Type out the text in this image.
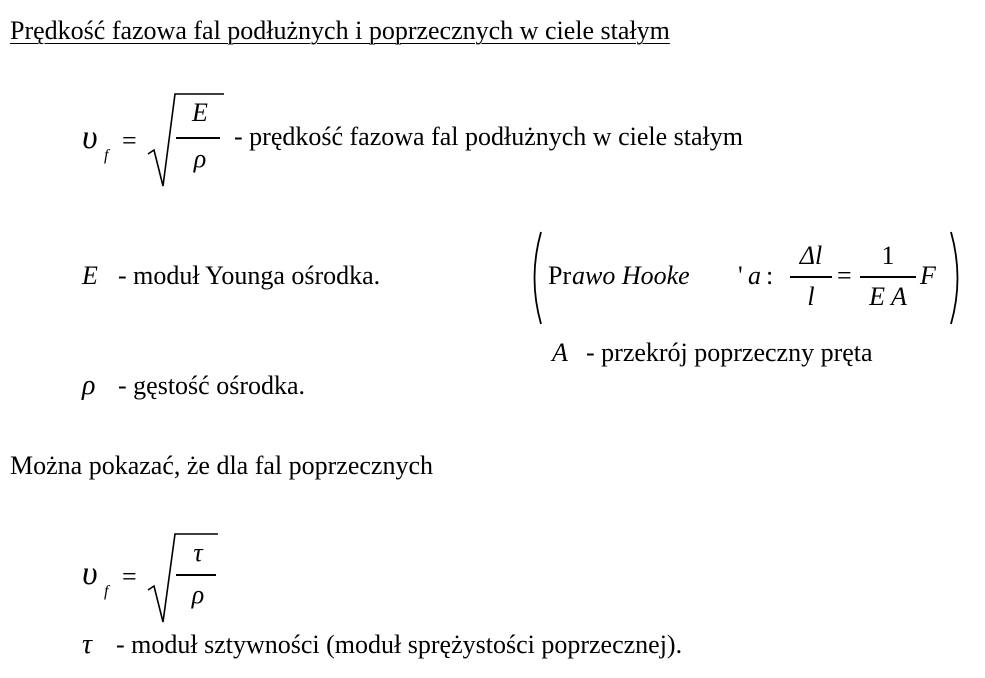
Prędkość fazowa fal podłużnych i poprzecznych w ciele stałym
υ f
=
E
ρ
- prędkość fazowa fal podłużnych w ciele stałym
E - moduł Younga ośrodka.	Pr awo Hooke ' a :
Δl
l
=
1
E A
F
A - przekrój poprzeczny pręta
ρ - gęstość ośrodka.
Można pokazać, że dla fal poprzecznych
υ f
=
τ
ρ
τ - moduł sztywności (moduł sprężystości poprzecznej).
